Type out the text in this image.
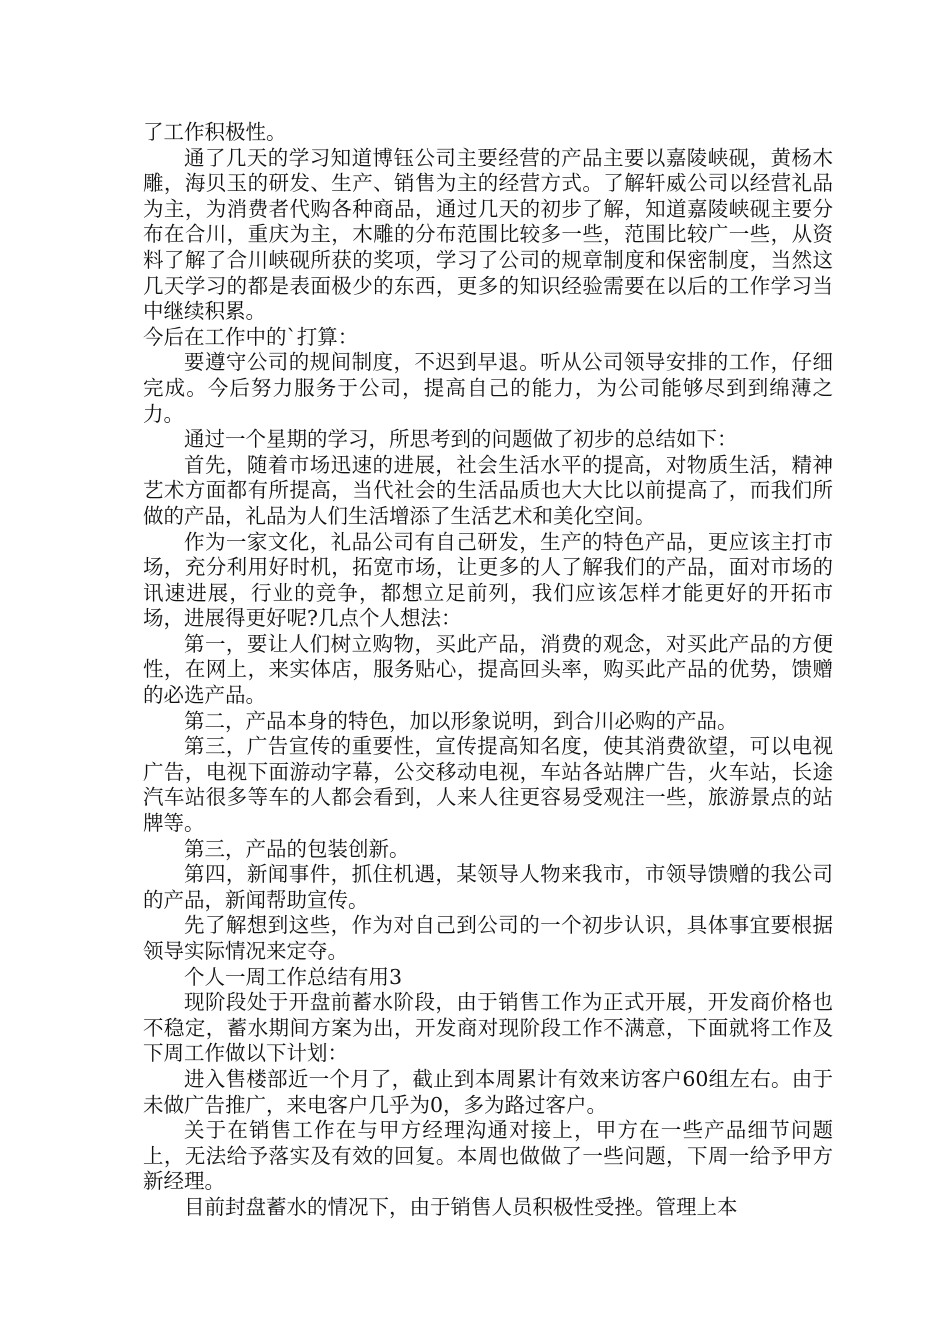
了工作积极性。

通了几天的学习知道博钰公司主要经营的产品主要以嘉陵峡砚，黄杨木雕，海贝玉的研发、生产、销售为主的经营方式。了解轩威公司以经营礼品为主，为消费者代购各种商品，通过几天的初步了解，知道嘉陵峡砚主要分布在合川，重庆为主，木雕的分布范围比较多一些，范围比较广一些，从资料了解了合川峡砚所获的奖项，学习了公司的规章制度和保密制度，当然这几天学习的都是表面极少的东西，更多的知识经验需要在以后的工作学习当中继续积累。

今后在工作中的`打算：

要遵守公司的规间制度，不迟到早退。听从公司领导安排的工作，仔细完成。今后努力服务于公司，提高自己的能力，为公司能够尽到到绵薄之力。

通过一个星期的学习，所思考到的问题做了初步的总结如下：

首先，随着市场迅速的进展，社会生活水平的提高，对物质生活，精神艺术方面都有所提高，当代社会的生活品质也大大比以前提高了，而我们所做的产品，礼品为人们生活增添了生活艺术和美化空间。

作为一家文化，礼品公司有自己研发，生产的特色产品，更应该主打市场，充分利用好时机，拓宽市场，让更多的人了解我们的产品，面对市场的讯速进展，行业的竞争，都想立足前列，我们应该怎样才能更好的开拓市场，进展得更好呢?几点个人想法：

第一，要让人们树立购物，买此产品，消费的观念，对买此产品的方便性，在网上，来实体店，服务贴心，提高回头率，购买此产品的优势，馈赠的必选产品。

第二，产品本身的特色，加以形象说明，到合川必购的产品。

第三，广告宣传的重要性，宣传提高知名度，使其消费欲望，可以电视广告，电视下面游动字幕，公交移动电视，车站各站牌广告，火车站，长途汽车站很多等车的人都会看到，人来人往更容易受观注一些，旅游景点的站牌等。

第三，产品的包装创新。

第四，新闻事件，抓住机遇，某领导人物来我市，市领导馈赠的我公司的产品，新闻帮助宣传。

先了解想到这些，作为对自己到公司的一个初步认识，具体事宜要根据领导实际情况来定夺。

个人一周工作总结有用3

现阶段处于开盘前蓄水阶段，由于销售工作为正式开展，开发商价格也不稳定，蓄水期间方案为出，开发商对现阶段工作不满意，下面就将工作及下周工作做以下计划：

进入售楼部近一个月了，截止到本周累计有效来访客户60组左右。由于未做广告推广，来电客户几乎为0，多为路过客户。

关于在销售工作在与甲方经理沟通对接上，甲方在一些产品细节问题上，无法给予落实及有效的回复。本周也做做了一些问题，下周一给予甲方新经理。

目前封盘蓄水的情况下，由于销售人员积极性受挫。管理上本
